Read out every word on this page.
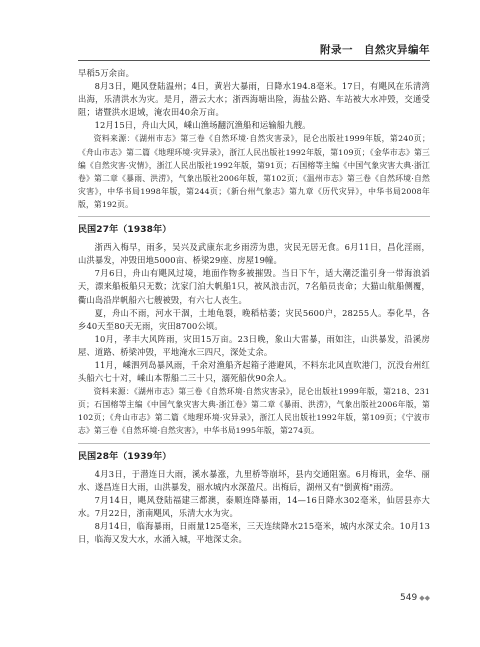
附录一　自然灾异编年

早稻5万余亩。

8月3日，飓风登陆温州；4日，黄岩大暴雨，日降水194.8毫米。17日，有飓风在乐清湾出海，乐清洪水为灾。是月，潜云大水；浙西海塘出险，海盐公路、车站被大水冲毁，交通受阻；诸暨洪水退域，淹农田40余万亩。

12月15日，舟山大风，嵊山渔场翻沉渔船和运输船九艘。

资料来源：《湖州市志》第三卷《自然环境·自然灾害录》，昆仑出版社1999年版，第240页；《舟山市志》第二篇《地理环境·灾异录》，浙江人民出版社1992年版，第109页；《金华市志》第三编《自然灾害·灾情》，浙江人民出版社1992年版，第91页；石国榕等主编《中国气象灾害大典·浙江卷》第二章《暴雨、洪涝》，气象出版社2006年版，第102页；《温州市志》第三卷《自然环境·自然灾害》，中华书局1998年版，第244页；《新台州气象志》第九章《历代灾异》，中华书局2008年版，第192页。

民国27年（1938年）

浙西入梅早，雨多，吴兴及武康东北乡雨涝为患，灾民无居无食。6月11日，昌化淫雨，山洪暴发，冲毁田地5000亩、桥梁29座、房屋19幢。

7月6日，舟山有飓风过境，地面作物多被摧毁。当日下午，适大潮泛滥引身一带海浪滔天，漂来船板船只无数；沈家门泊大帆船1只，被风浪击沉，7名船员丧命；大猫山航船侧覆，衢山岛沿岸帆船六七艘被毁，有六七人丧生。

夏，舟山不雨，河水干涸，土地龟裂，晚稻枯萎；灾民5600户，28255人。奉化旱，各乡40天至80天无雨，灾田8700公顷。

10月，孝丰大风阵雨，灾田15万亩。23日晚，象山大雷暴，雨如注，山洪暴发，沿溪房屋、道路、桥梁冲毁，平地淹水三四尺，深处丈余。

11月，嵊泗列岛暴风雨，千余对渔船齐起箱子港避风，不料东北风直吹港门，沉没台州红头船六七十对，嵊山本帮船二三十只，溺死船伙90余人。

资料来源：《湖州市志》第三卷《自然环境·自然灾害录》，昆仑出版社1999年版，第218、231页；石国榕等主编《中国气象灾害大典·浙江卷》第二章《暴雨、洪涝》，气象出版社2006年版，第102页；《舟山市志》第二篇《地理环境·灾异录》，浙江人民出版社1992年版，第109页；《宁波市志》第三卷《自然环境·自然灾害》，中华书局1995年版，第274页。

民国28年（1939年）

4月3日，于潜连日大雨，溪水暴涨，九里桥等崩坏，县内交通阻塞。6月梅讯，金华、丽水、遂昌连日大雨，山洪暴发，丽水城内水深盈尺。出梅后，湖州又有"倒黄梅"雨涝。

7月14日，飓风登陆福建三都澳，泰顺连降暴雨，14—16日降水302毫米，仙居县亦大水。7月22日，浙南飓风，乐清大水为灾。

8月14日，临海暴雨，日雨量125毫米，三天连续降水215毫米，城内水深丈余。10月13日，临海又发大水，水涌入城，平地深丈余。

549 ◆◆
